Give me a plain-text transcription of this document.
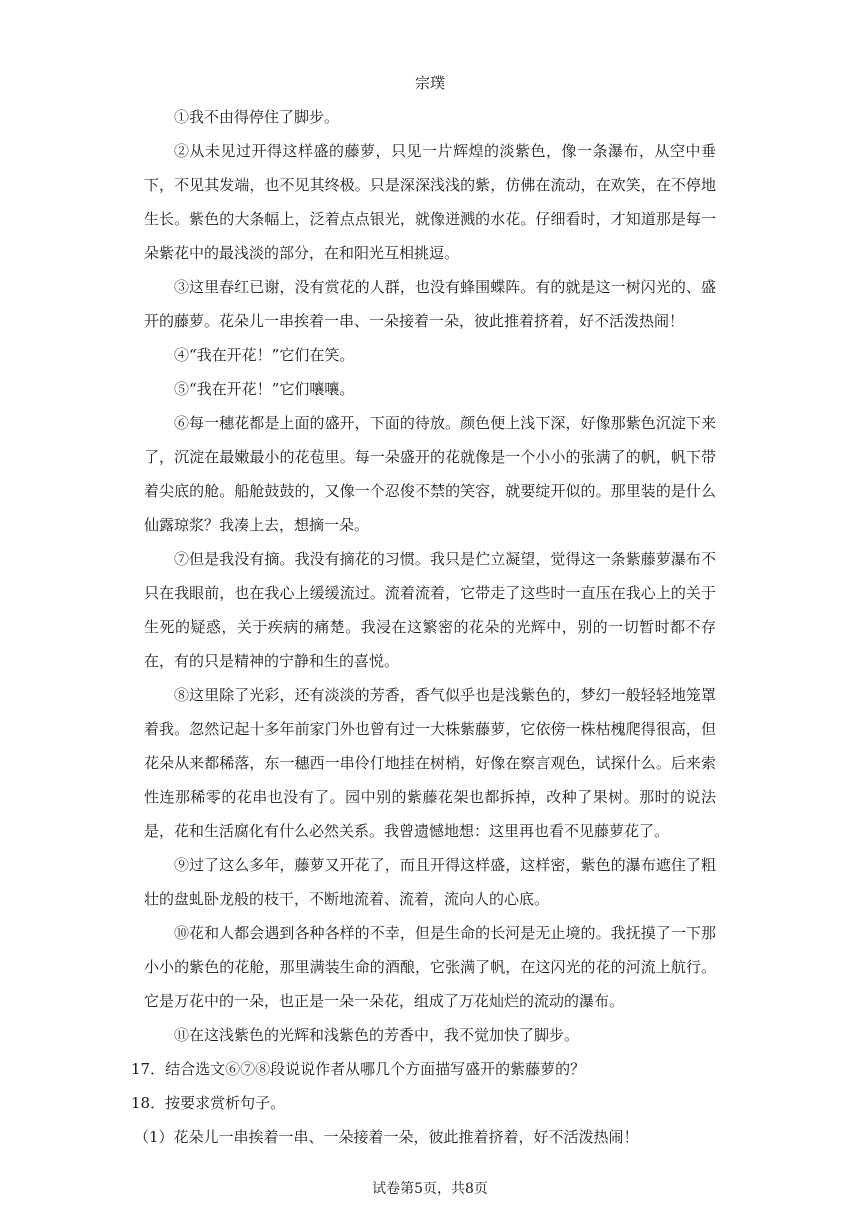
宗璞

①我不由得停住了脚步。

②从未见过开得这样盛的藤萝，只见一片辉煌的淡紫色，像一条瀑布，从空中垂下，不见其发端，也不见其终极。只是深深浅浅的紫，仿佛在流动，在欢笑，在不停地生长。紫色的大条幅上，泛着点点银光，就像迸溅的水花。仔细看时，才知道那是每一朵紫花中的最浅淡的部分，在和阳光互相挑逗。

③这里春红已谢，没有赏花的人群，也没有蜂围蝶阵。有的就是这一树闪光的、盛开的藤萝。花朵儿一串挨着一串、一朵接着一朵，彼此推着挤着，好不活泼热闹！

④“我在开花！”它们在笑。

⑤“我在开花！”它们嚷嚷。

⑥每一穗花都是上面的盛开，下面的待放。颜色便上浅下深，好像那紫色沉淀下来了，沉淀在最嫩最小的花苞里。每一朵盛开的花就像是一个小小的张满了的帆，帆下带着尖底的舱。船舱鼓鼓的，又像一个忍俊不禁的笑容，就要绽开似的。那里装的是什么仙露琼浆？我凑上去，想摘一朵。

⑦但是我没有摘。我没有摘花的习惯。我只是伫立凝望，觉得这一条紫藤萝瀑布不只在我眼前，也在我心上缓缓流过。流着流着，它带走了这些时一直压在我心上的关于生死的疑惑，关于疾病的痛楚。我浸在这繁密的花朵的光辉中，别的一切暂时都不存在，有的只是精神的宁静和生的喜悦。

⑧这里除了光彩，还有淡淡的芳香，香气似乎也是浅紫色的，梦幻一般轻轻地笼罩着我。忽然记起十多年前家门外也曾有过一大株紫藤萝，它依傍一株枯槐爬得很高，但花朵从来都稀落，东一穗西一串伶仃地挂在树梢，好像在察言观色，试探什么。后来索性连那稀零的花串也没有了。园中别的紫藤花架也都拆掉，改种了果树。那时的说法是，花和生活腐化有什么必然关系。我曾遗憾地想：这里再也看不见藤萝花了。

⑨过了这么多年，藤萝又开花了，而且开得这样盛，这样密，紫色的瀑布遮住了粗壮的盘虬卧龙般的枝干，不断地流着、流着，流向人的心底。

⑩花和人都会遇到各种各样的不幸，但是生命的长河是无止境的。我抚摸了一下那小小的紫色的花舱，那里满装生命的酒酿，它张满了帆，在这闪光的花的河流上航行。它是万花中的一朵，也正是一朵一朵花，组成了万花灿烂的流动的瀑布。

⑪在这浅紫色的光辉和浅紫色的芳香中，我不觉加快了脚步。

17．结合选文⑥⑦⑧段说说作者从哪几个方面描写盛开的紫藤萝的？

18．按要求赏析句子。

（1）花朵儿一串挨着一串、一朵接着一朵，彼此推着挤着，好不活泼热闹！

试卷第5页，共8页
